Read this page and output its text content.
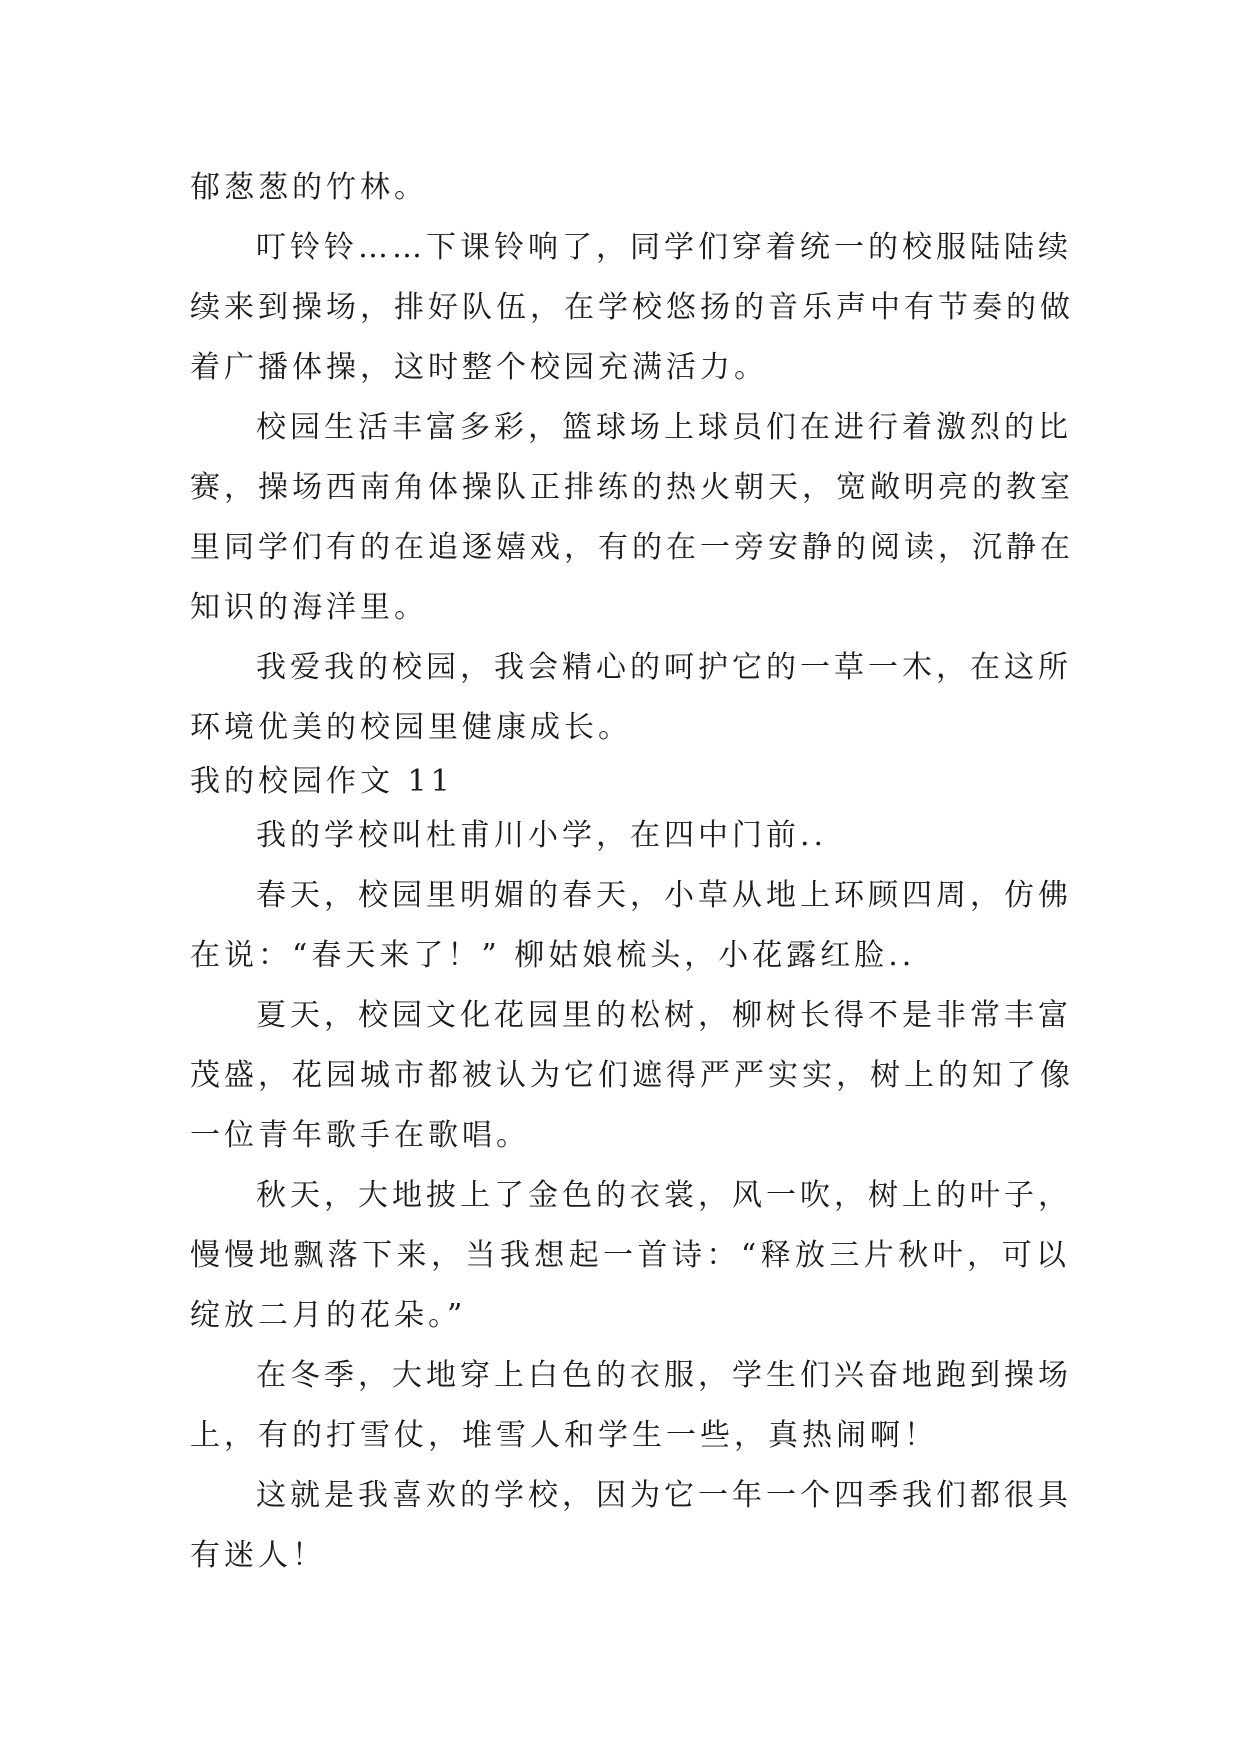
郁葱葱的竹林。
叮铃铃……下课铃响了，同学们穿着统一的校服陆陆续
续来到操场，排好队伍，在学校悠扬的音乐声中有节奏的做
着广播体操，这时整个校园充满活力。
校园生活丰富多彩，篮球场上球员们在进行着激烈的比
赛，操场西南角体操队正排练的热火朝天，宽敞明亮的教室
里同学们有的在追逐嬉戏，有的在一旁安静的阅读，沉静在
知识的海洋里。
我爱我的校园，我会精心的呵护它的一草一木，在这所
环境优美的校园里健康成长。
我的校园作文 11
我的学校叫杜甫川小学，在四中门前..
春天，校园里明媚的春天，小草从地上环顾四周，仿佛
在说：“春天来了！” 柳姑娘梳头，小花露红脸..
夏天，校园文化花园里的松树，柳树长得不是非常丰富
茂盛，花园城市都被认为它们遮得严严实实，树上的知了像
一位青年歌手在歌唱。
秋天，大地披上了金色的衣裳，风一吹，树上的叶子，
慢慢地飘落下来，当我想起一首诗：“释放三片秋叶，可以
绽放二月的花朵。”
在冬季，大地穿上白色的衣服，学生们兴奋地跑到操场
上，有的打雪仗，堆雪人和学生一些，真热闹啊！
这就是我喜欢的学校，因为它一年一个四季我们都很具
有迷人！
